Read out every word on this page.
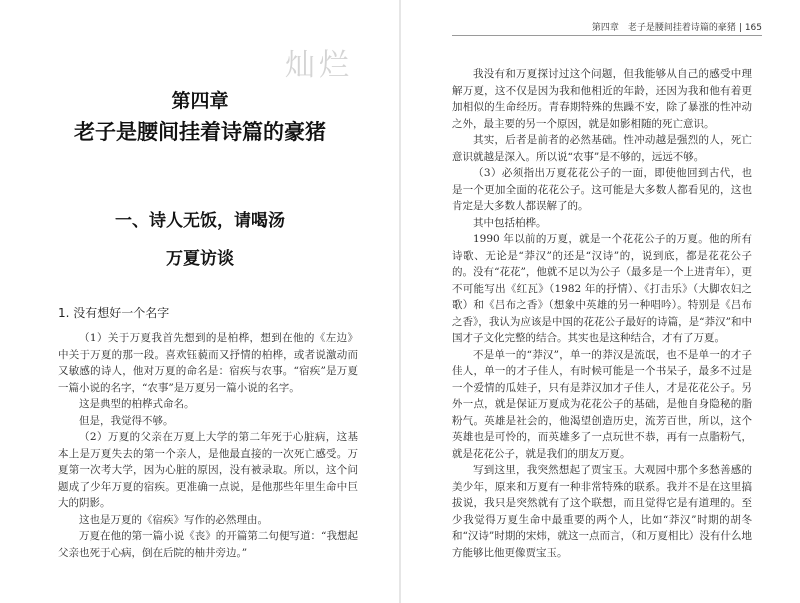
灿烂
第四章
老子是腰间挂着诗篇的豪猪
一、诗人无饭，请喝汤
万夏访谈
1. 没有想好一个名字

（1）关于万夏我首先想到的是柏桦，想到在他的《左边》中关于万夏的那一段。喜欢钰藐而又抒情的柏桦，或者说激动而又敏感的诗人，他对万夏的命名是：宿疾与农事。“宿疾”是万夏一篇小说的名字，“农事”是万夏另一篇小说的名字。

这是典型的柏桦式命名。

但是，我觉得不够。

（2）万夏的父亲在万夏上大学的第二年死于心脏病，这基本上是万夏失去的第一个亲人，是他最直接的一次死亡感受。万夏第一次考大学，因为心脏的原因，没有被录取。所以，这个问题成了少年万夏的宿疾。更准确一点说，是他那些年里生命中巨大的阴影。

这也是万夏的《宿疾》写作的必然理由。

万夏在他的第一篇小说《丧》的开篇第二句便写道：“我想起父亲也死于心病，倒在后院的柚井旁边。”

第四章　老子是腰间挂着诗篇的豪猪 | 165

我没有和万夏探讨过这个问题，但我能够从自己的感受中理解万夏，这不仅是因为我和他相近的年龄，还因为我和他有着更加相似的生命经历。青春期特殊的焦躁不安，除了暴涨的性冲动之外，最主要的另一个原因，就是如影相随的死亡意识。

其实，后者是前者的必然基础。性冲动越是强烈的人，死亡意识就越是深入。所以说“农事”是不够的，远远不够。

（3）必须指出万夏花花公子的一面，即使他回到古代，也是一个更加全面的花花公子。这可能是大多数人都看见的，这也肯定是大多数人都误解了的。

其中包括柏桦。

1990 年以前的万夏，就是一个花花公子的万夏。他的所有诗歌、无论是“莽汉”的还是“汉诗”的，说到底，都是花花公子的。没有“花花”，他就不足以为公子（最多是一个上进青年），更不可能写出《红瓦》（1982 年的抒情）、《打击乐》（大脚农妇之歌）和《吕布之香》（想象中英雄的另一种唱吟）。特别是《吕布之香》，我认为应该是中国的花花公子最好的诗篇，是“莽汉”和中国才子文化完整的结合。其实也是这种结合，才有了万夏。

不是单一的“莽汉”，单一的莽汉是流氓，也不是单一的才子佳人，单一的才子佳人，有时候可能是一个书呆子，最多不过是一个爱情的瓜娃子，只有是莽汉加才子佳人，才是花花公子。另外一点，就是保证万夏成为花花公子的基础，是他自身隐秘的脂粉气。英雄是社会的，他渴望创造历史，流芳百世，所以，这个英雄也是可怜的，而英雄多了一点玩世不恭，再有一点脂粉气，就是花花公子，就是我们的朋友万夏。

写到这里，我突然想起了贾宝玉。大观园中那个多愁善感的美少年，原来和万夏有一种非常特殊的联系。我并不是在这里搞拔说，我只是突然就有了这个联想，而且觉得它是有道理的。至少我觉得万夏生命中最重要的两个人，比如“莽汉”时期的胡冬和“汉诗”时期的宋炜，就这一点而言，（和万夏相比）没有什么地方能够比他更像贾宝玉。
